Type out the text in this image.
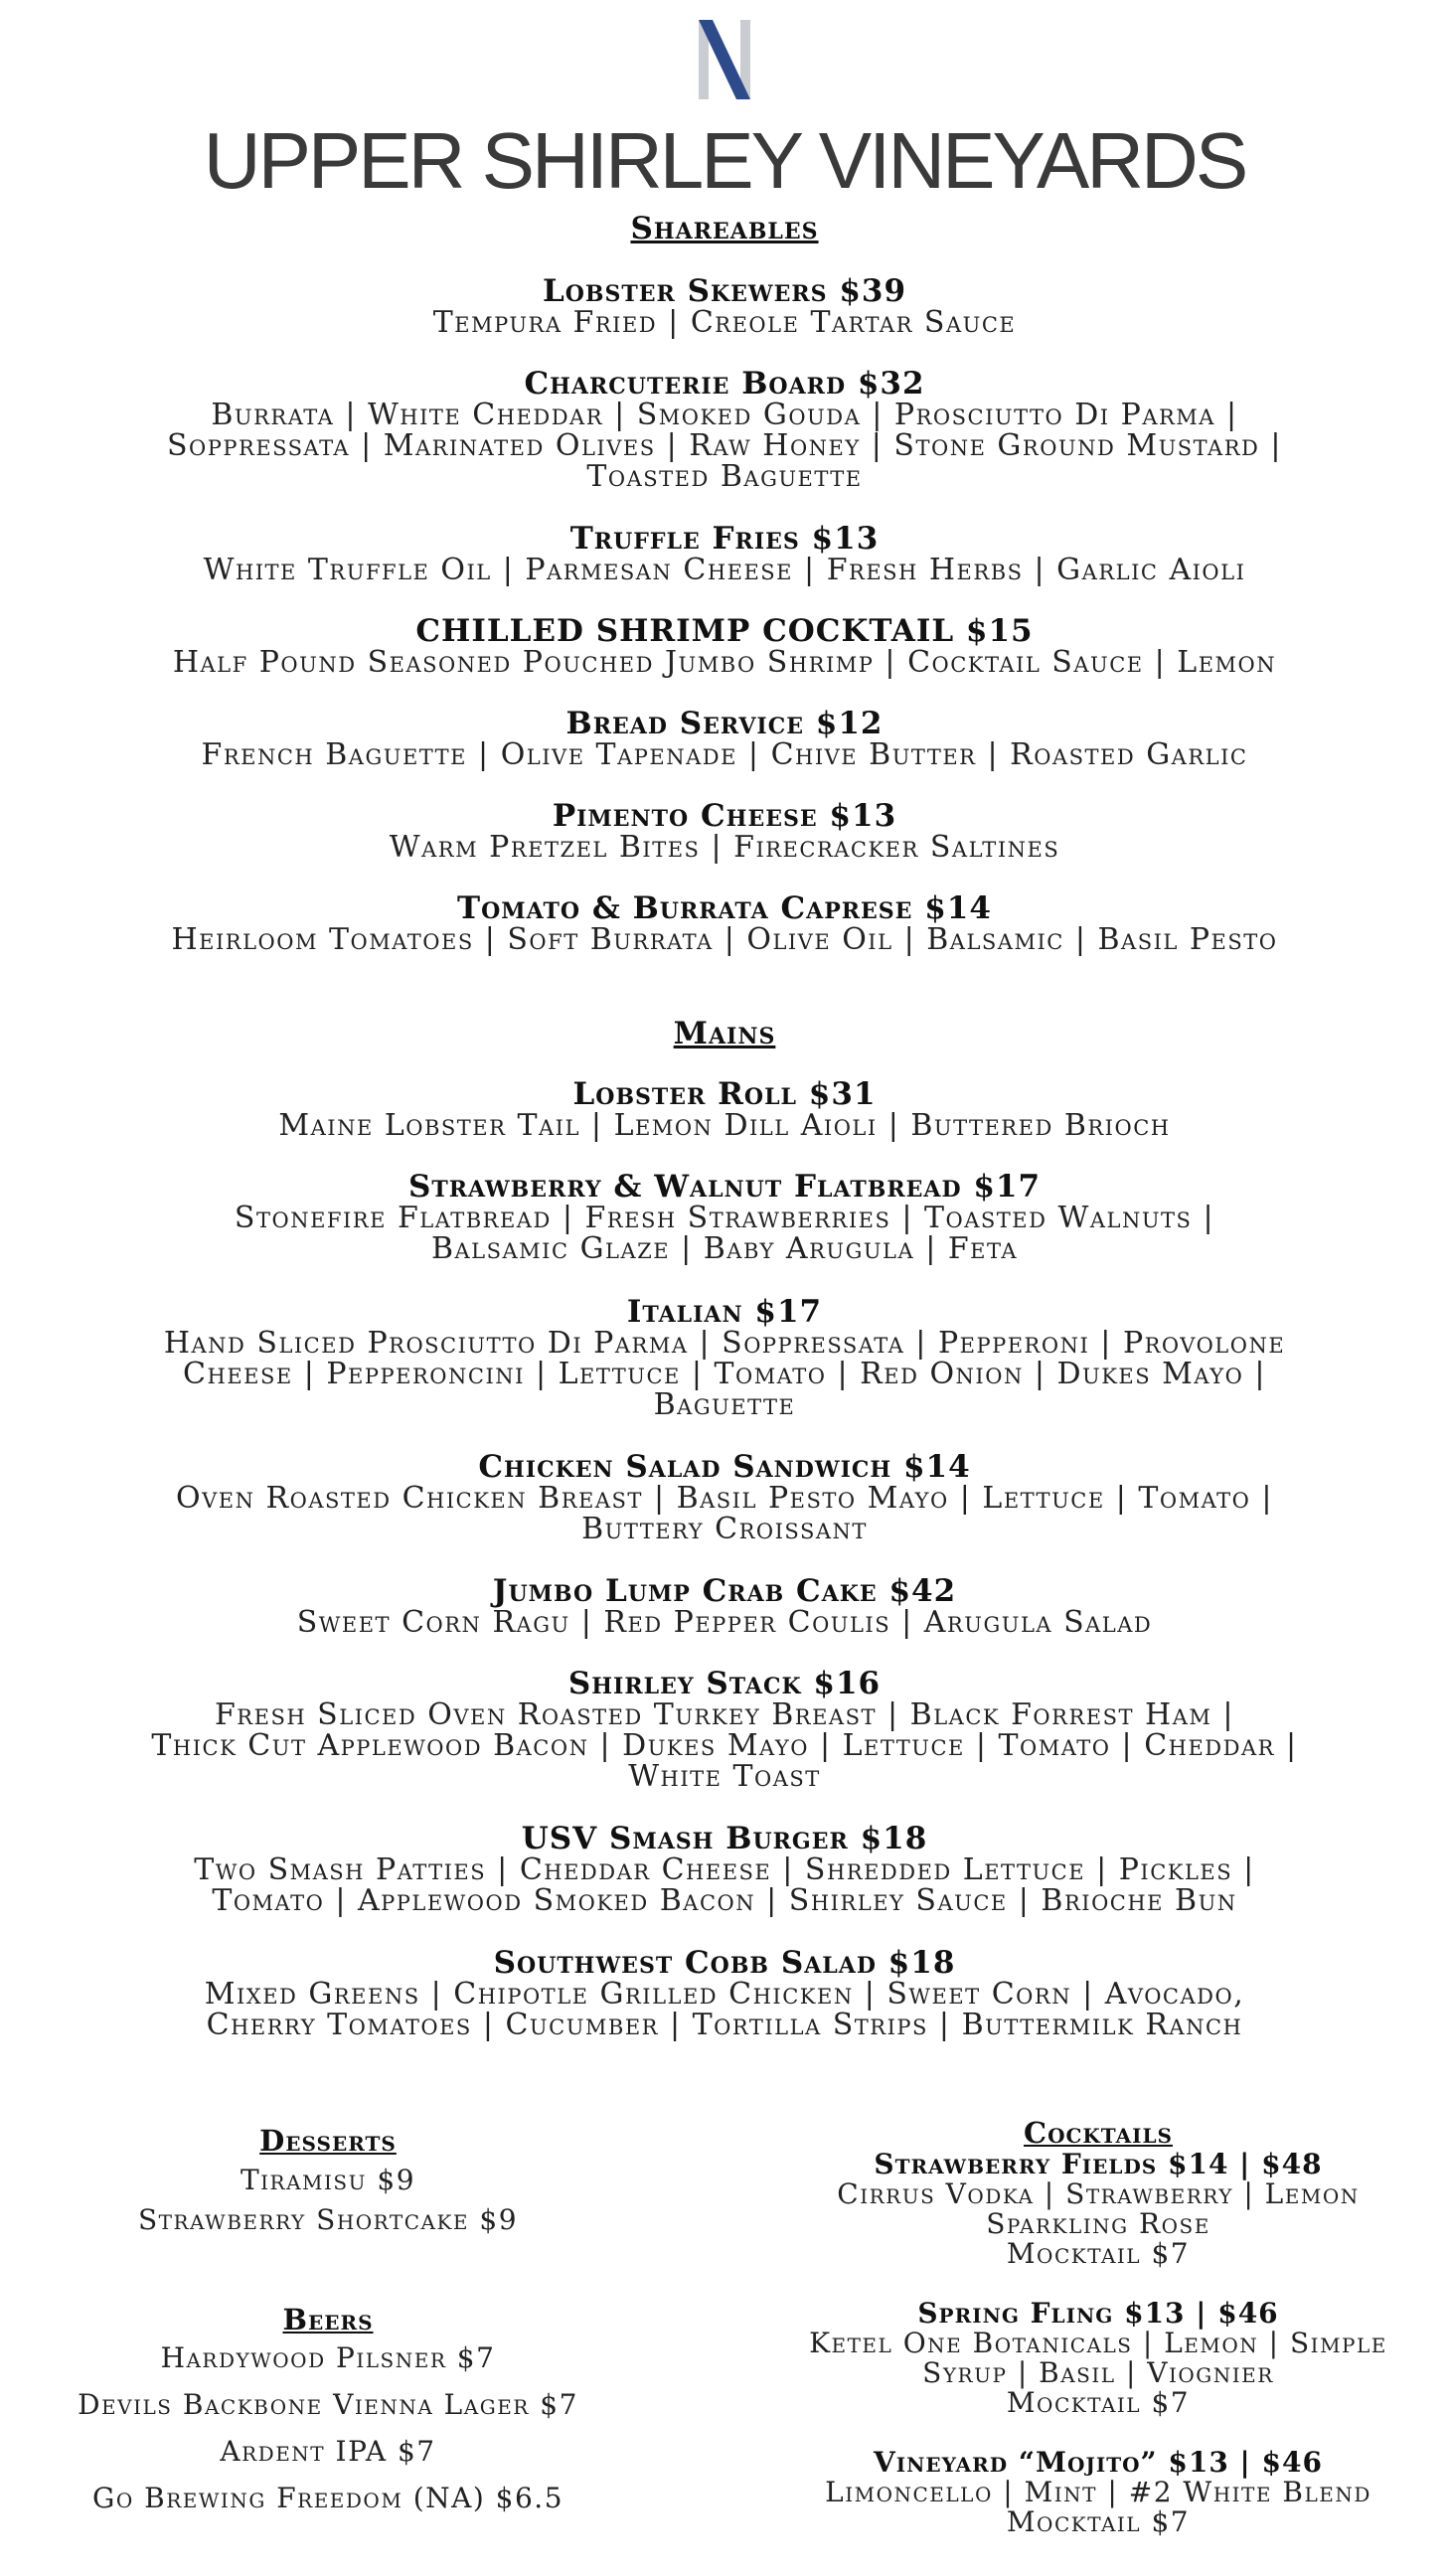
UPPER SHIRLEY VINEYARDS
Shareables
Lobster Skewers $39
Tempura Fried | Creole Tartar Sauce
Charcuterie Board $32
Burrata | White Cheddar | Smoked Gouda | Prosciutto Di Parma |
Soppressata | Marinated Olives | Raw Honey | Stone Ground Mustard |
Toasted Baguette
Truffle Fries $13
White Truffle Oil | Parmesan Cheese | Fresh Herbs | Garlic Aioli
CHILLED SHRIMP COCKTAIL $15
Half Pound Seasoned Pouched Jumbo Shrimp | Cocktail Sauce | Lemon
Bread Service $12
French Baguette | Olive Tapenade | Chive Butter | Roasted Garlic
Pimento Cheese $13
Warm Pretzel Bites | Firecracker Saltines
Tomato & Burrata Caprese $14
Heirloom Tomatoes | Soft Burrata | Olive Oil | Balsamic | Basil Pesto
Mains
Lobster Roll $31
Maine Lobster Tail | Lemon Dill Aioli | Buttered Brioch
Strawberry & Walnut Flatbread $17
Stonefire Flatbread | Fresh Strawberries | Toasted Walnuts |
Balsamic Glaze | Baby Arugula | Feta
Italian $17
Hand Sliced Prosciutto Di Parma | Soppressata | Pepperoni | Provolone
Cheese | Pepperoncini | Lettuce | Tomato | Red Onion | Dukes Mayo |
Baguette
Chicken Salad Sandwich $14
Oven Roasted Chicken Breast | Basil Pesto Mayo | Lettuce | Tomato |
Buttery Croissant
Jumbo Lump Crab Cake $42
Sweet Corn Ragu | Red Pepper Coulis | Arugula Salad
Shirley Stack $16
Fresh Sliced Oven Roasted Turkey Breast | Black Forrest Ham |
Thick Cut Applewood Bacon | Dukes Mayo | Lettuce | Tomato | Cheddar |
White Toast
USV Smash Burger $18
Two Smash Patties | Cheddar Cheese | Shredded Lettuce | Pickles |
Tomato | Applewood Smoked Bacon | Shirley Sauce | Brioche Bun
Southwest Cobb Salad $18
Mixed Greens | Chipotle Grilled Chicken | Sweet Corn | Avocado,
Cherry Tomatoes | Cucumber | Tortilla Strips | Buttermilk Ranch
Desserts
Tiramisu $9
Strawberry Shortcake $9
Beers
Hardywood Pilsner $7
Devils Backbone Vienna Lager $7
Ardent IPA $7
Go Brewing Freedom (NA) $6.5
Cocktails
Strawberry Fields $14 | $48
Cirrus Vodka | Strawberry | Lemon
Sparkling Rose
Mocktail $7
Spring Fling $13 | $46
Ketel One Botanicals | Lemon | Simple
Syrup | Basil | Viognier
Mocktail $7
Vineyard “Mojito” $13 | $46
Limoncello | Mint | #2 White Blend
Mocktail $7
